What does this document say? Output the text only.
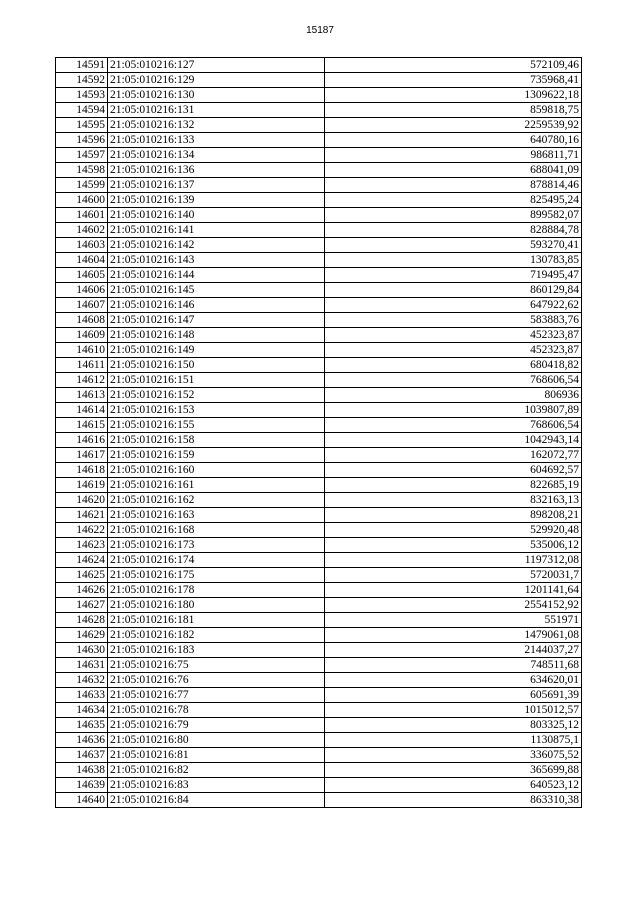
15187
14591	21:05:010216:127	572109,46
14592	21:05:010216:129	735968,41
14593	21:05:010216:130	1309622,18
14594	21:05:010216:131	859818,75
14595	21:05:010216:132	2259539,92
14596	21:05:010216:133	640780,16
14597	21:05:010216:134	986811,71
14598	21:05:010216:136	688041,09
14599	21:05:010216:137	878814,46
14600	21:05:010216:139	825495,24
14601	21:05:010216:140	899582,07
14602	21:05:010216:141	828884,78
14603	21:05:010216:142	593270,41
14604	21:05:010216:143	130783,85
14605	21:05:010216:144	719495,47
14606	21:05:010216:145	860129,84
14607	21:05:010216:146	647922,62
14608	21:05:010216:147	583883,76
14609	21:05:010216:148	452323,87
14610	21:05:010216:149	452323,87
14611	21:05:010216:150	680418,82
14612	21:05:010216:151	768606,54
14613	21:05:010216:152	806936
14614	21:05:010216:153	1039807,89
14615	21:05:010216:155	768606,54
14616	21:05:010216:158	1042943,14
14617	21:05:010216:159	162072,77
14618	21:05:010216:160	604692,57
14619	21:05:010216:161	822685,19
14620	21:05:010216:162	832163,13
14621	21:05:010216:163	898208,21
14622	21:05:010216:168	529920,48
14623	21:05:010216:173	535006,12
14624	21:05:010216:174	1197312,08
14625	21:05:010216:175	5720031,7
14626	21:05:010216:178	1201141,64
14627	21:05:010216:180	2554152,92
14628	21:05:010216:181	551971
14629	21:05:010216:182	1479061,08
14630	21:05:010216:183	2144037,27
14631	21:05:010216:75	748511,68
14632	21:05:010216:76	634620,01
14633	21:05:010216:77	605691,39
14634	21:05:010216:78	1015012,57
14635	21:05:010216:79	803325,12
14636	21:05:010216:80	1130875,1
14637	21:05:010216:81	336075,52
14638	21:05:010216:82	365699,88
14639	21:05:010216:83	640523,12
14640	21:05:010216:84	863310,38
